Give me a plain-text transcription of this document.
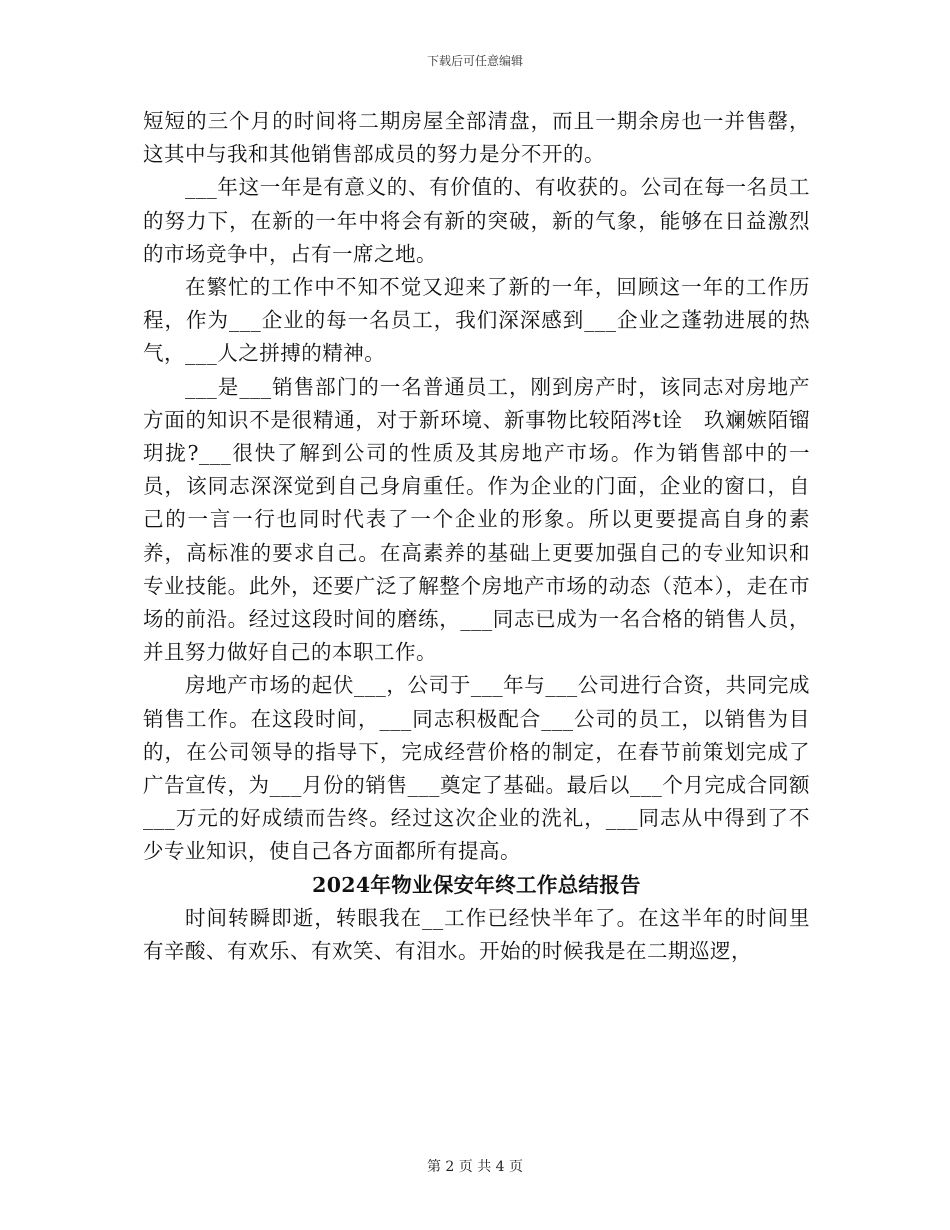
下载后可任意编辑

短短的三个月的时间将二期房屋全部清盘，而且一期余房也一并售罄，这其中与我和其他销售部成员的努力是分不开的。

___年这一年是有意义的、有价值的、有收获的。公司在每一名员工的努力下，在新的一年中将会有新的突破，新的气象，能够在日益激烈的市场竞争中，占有一席之地。

在繁忙的工作中不知不觉又迎来了新的一年，回顾这一年的工作历程，作为___企业的每一名员工，我们深深感到___企业之蓬勃进展的热气，___人之拼搏的精神。

___是___销售部门的一名普通员工，刚到房产时，该同志对房地产方面的知识不是很精通，对于新环境、新事物比较陌涔t诠　玖斓嫉陌镏玥拢?___很快了解到公司的性质及其房地产市场。作为销售部中的一员，该同志深深觉到自己身肩重任。作为企业的门面，企业的窗口，自己的一言一行也同时代表了一个企业的形象。所以更要提高自身的素养，高标准的要求自己。在高素养的基础上更要加强自己的专业知识和专业技能。此外，还要广泛了解整个房地产市场的动态（范本），走在市场的前沿。经过这段时间的磨练，___同志已成为一名合格的销售人员，并且努力做好自己的本职工作。

房地产市场的起伏___，公司于___年与___公司进行合资，共同完成销售工作。在这段时间，___同志积极配合___公司的员工，以销售为目的，在公司领导的指导下，完成经营价格的制定，在春节前策划完成了广告宣传，为___月份的销售___奠定了基础。最后以___个月完成合同额___万元的好成绩而告终。经过这次企业的洗礼，___同志从中得到了不少专业知识，使自己各方面都所有提高。

2024年物业保安年终工作总结报告

时间转瞬即逝，转眼我在__工作已经快半年了。在这半年的时间里有辛酸、有欢乐、有欢笑、有泪水。开始的时候我是在二期巡逻，

第 2 页 共 4 页
